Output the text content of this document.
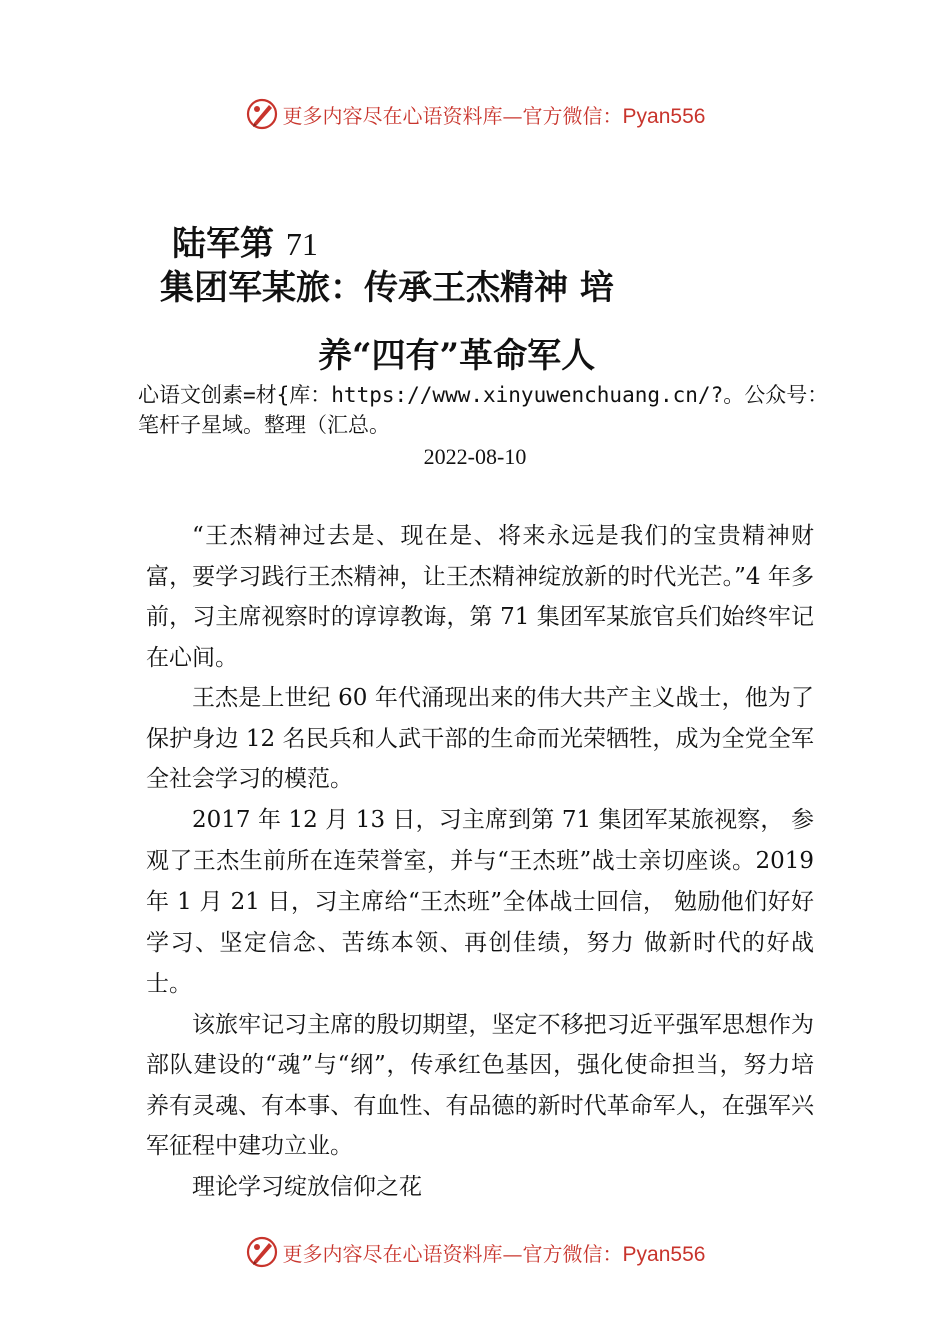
更多内容尽在心语资料库—官方微信：Pyan556
陆军第 71
集团军某旅：传承王杰精神 培
养“四有”革命军人
心语文创素=材{库：https://www.xinyuwenchuang.cn/?。公众号：笔杆子星域。整理（汇总。
2022-08-10

“王杰精神过去是、现在是、将来永远是我们的宝贵精神财富，要学习践行王杰精神，让王杰精神绽放新的时代光芒。”4 年多前，习主席视察时的谆谆教诲，第 71 集团军某旅官兵们始终牢记在心间。

王杰是上世纪 60 年代涌现出来的伟大共产主义战士，他为了保护身边 12 名民兵和人武干部的生命而光荣牺牲，成为全党全军全社会学习的模范。

2017 年 12 月 13 日，习主席到第 71 集团军某旅视察， 参观了王杰生前所在连荣誉室，并与“王杰班”战士亲切座谈。2019 年 1 月 21 日，习主席给“王杰班”全体战士回信， 勉励他们好好学习、坚定信念、苦练本领、再创佳绩，努力 做新时代的好战士。

该旅牢记习主席的殷切期望，坚定不移把习近平强军思想作为部队建设的“魂”与“纲”，传承红色基因，强化使命担当，努力培养有灵魂、有本事、有血性、有品德的新时代革命军人，在强军兴军征程中建功立业。

理论学习绽放信仰之花

更多内容尽在心语资料库—官方微信：Pyan556
